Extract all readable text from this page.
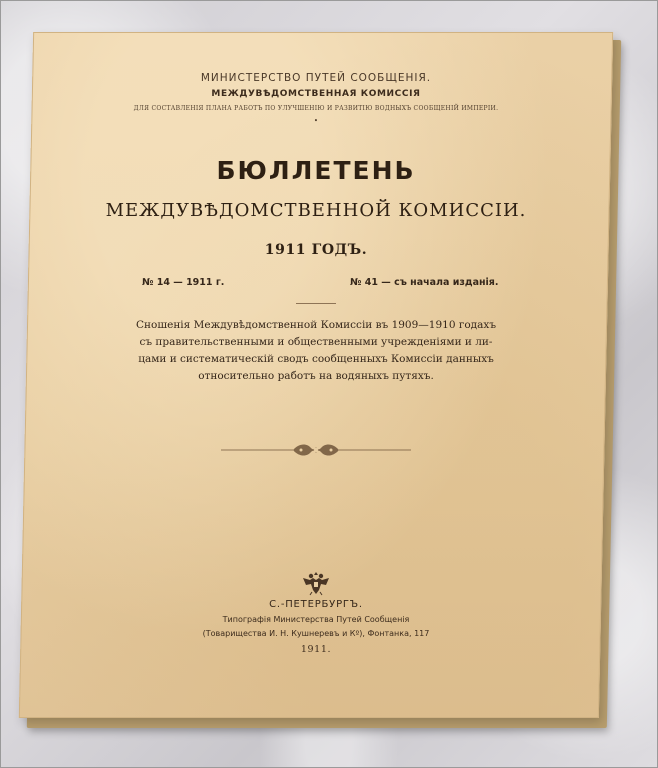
МИНИСТЕРСТВО ПУТЕЙ СООБЩЕНІЯ.
МЕЖДУВѢДОМСТВЕННАЯ КОМИССІЯ
ДЛЯ СОСТАВЛЕНІЯ ПЛАНА РАБОТЪ ПО УЛУЧШЕНІЮ И РАЗВИТІЮ ВОДНЫХЪ СООБЩЕНІЙ ИМПЕРІИ.
•
БЮЛЛЕТЕНЬ
МЕЖДУВѢДОМСТВЕННОЙ КОМИССІИ.
1911 ГОДЪ.
№ 14 — 1911 г.	№ 41 — съ начала изданія.
Сношенія Междувѣдомственной Комиссіи въ 1909—1910 годахъ
съ правительственными и общественными учрежденіями и ли-
цами и систематическій сводъ сообщенныхъ Комиссіи данныхъ
относительно работъ на водяныхъ путяхъ.
С.-ПЕТЕРБУРГЪ.
Типографія Министерства Путей Сообщенія
(Товарищества И. Н. Кушнеревъ и Кº), Фонтанка, 117
1911.
